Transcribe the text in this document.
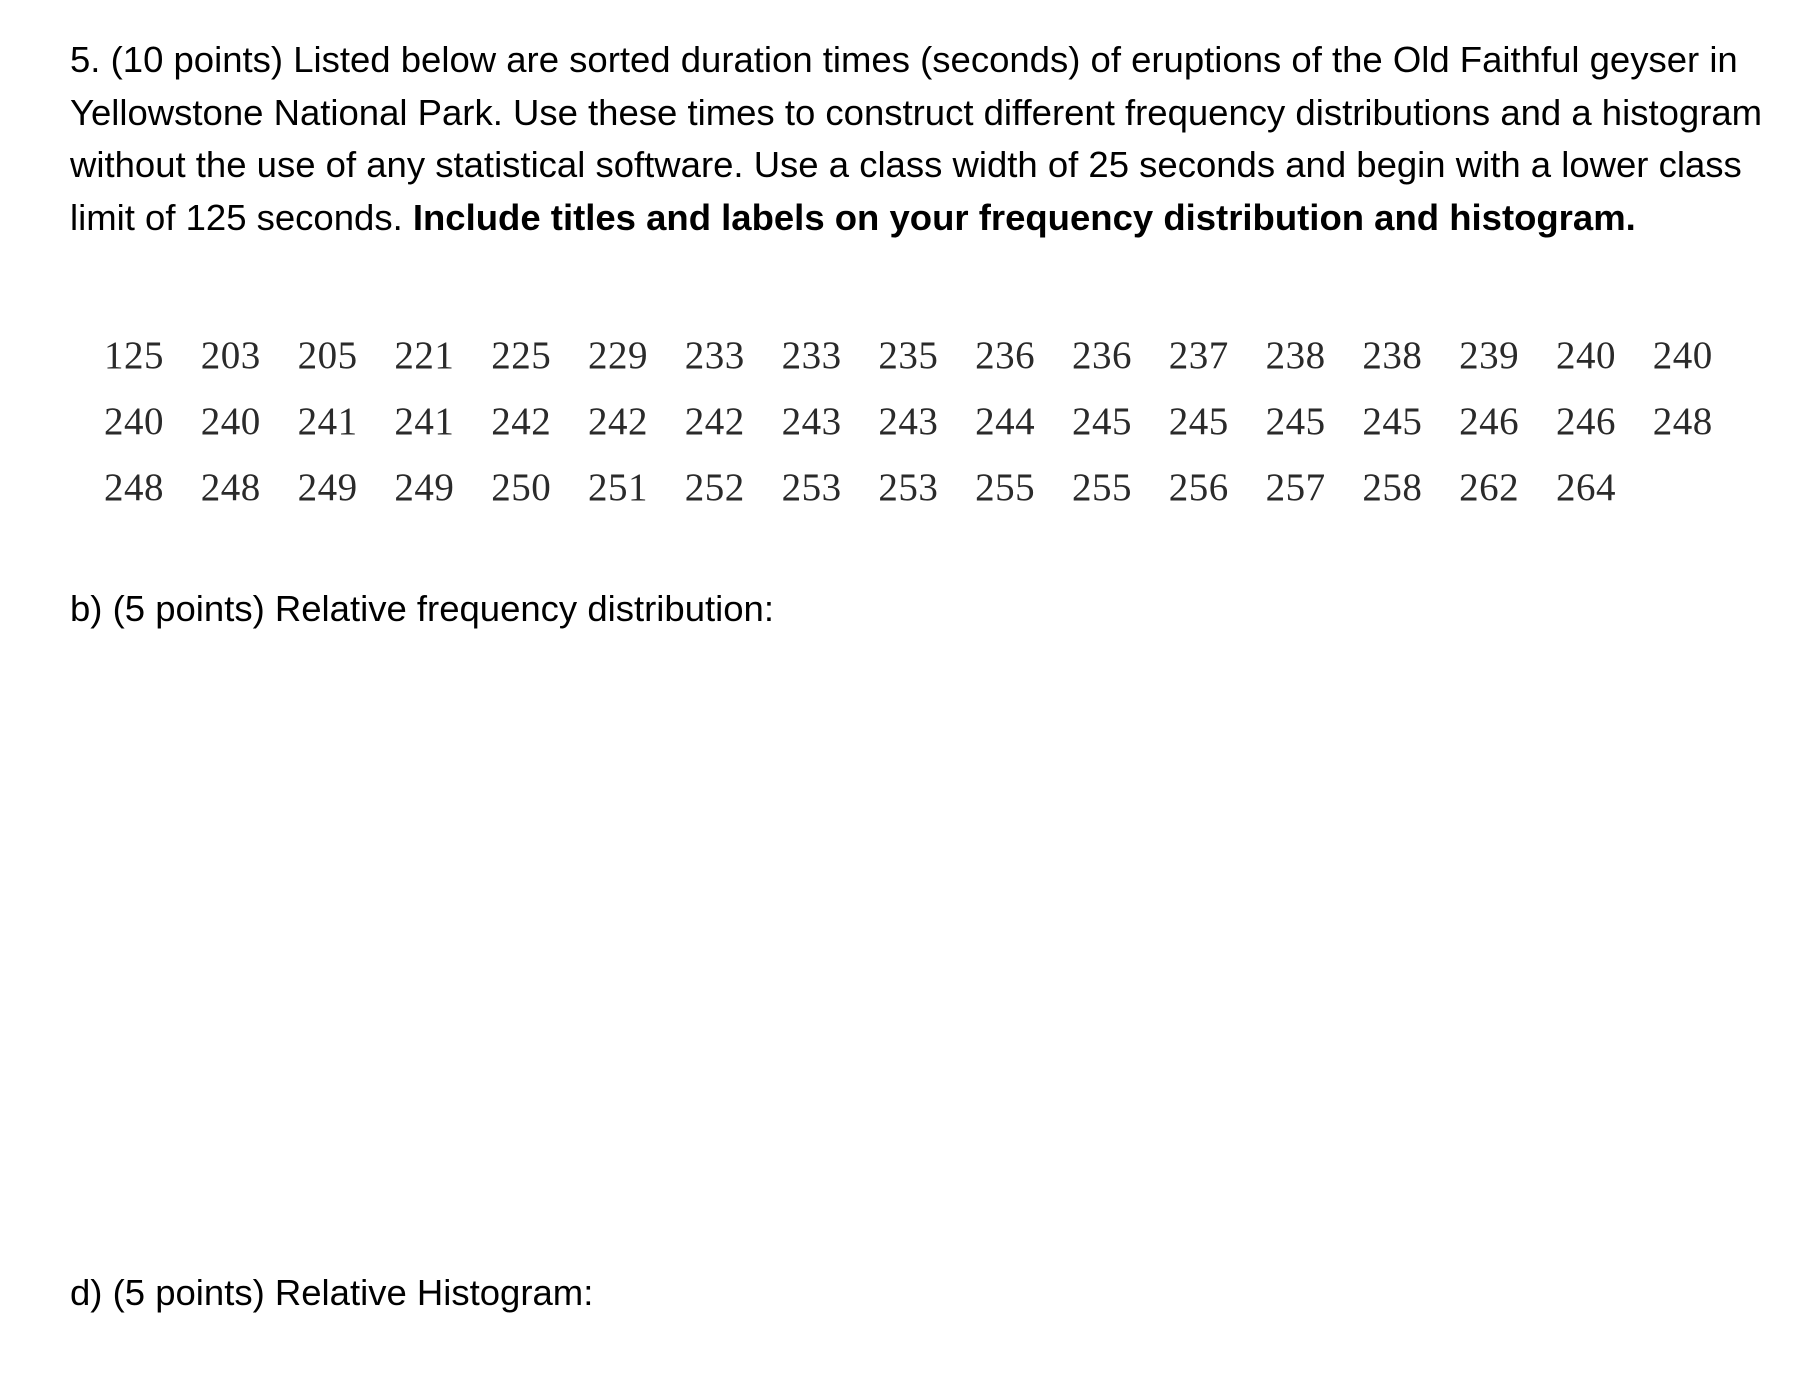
5. (10 points) Listed below are sorted duration times (seconds) of eruptions of the Old Faithful geyser in Yellowstone National Park. Use these times to construct different frequency distributions and a histogram without the use of any statistical software. Use a class width of 25 seconds and begin with a lower class limit of 125 seconds. Include titles and labels on your frequency distribution and histogram.

125 203 205 221 225 229 233 233 235 236 236 237 238 238 239 240 240
240 240 241 241 242 242 242 243 243 244 245 245 245 245 246 246 248
248 248 249 249 250 251 252 253 253 255 255 256 257 258 262 264

b) (5 points) Relative frequency distribution:

d) (5 points) Relative Histogram:
